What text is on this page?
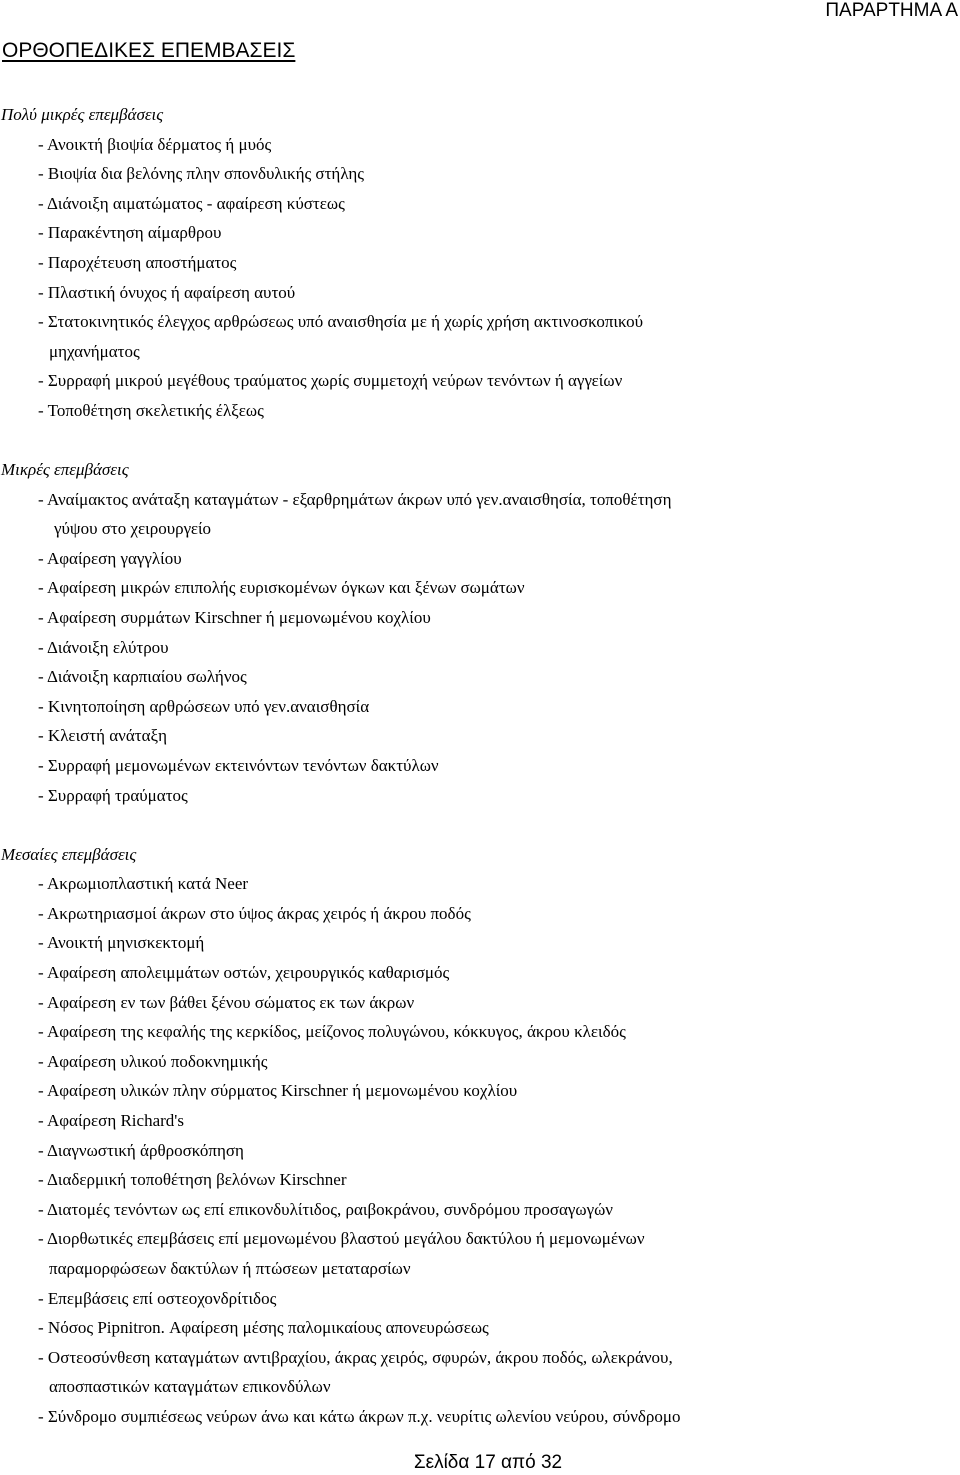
ΠΑΡΑΡΤΗΜΑ Α
ΟΡΘΟΠΕΔΙΚΕΣ ΕΠΕΜΒΑΣΕΙΣ
Πολύ μικρές επεμβάσεις
- Ανοικτή βιοψία δέρματος ή μυός
- Βιοψία δια βελόνης πλην σπονδυλικής στήλης
- Διάνοιξη αιματώματος - αφαίρεση κύστεως
- Παρακέντηση αίμαρθρου
- Παροχέτευση αποστήματος
- Πλαστική όνυχος ή αφαίρεση αυτού
- Στατοκινητικός έλεγχος αρθρώσεως υπό αναισθησία με ή χωρίς χρήση ακτινοσκοπικού
μηχανήματος
- Συρραφή μικρού μεγέθους τραύματος χωρίς συμμετοχή νεύρων τενόντων ή αγγείων
- Τοποθέτηση σκελετικής έλξεως
Μικρές επεμβάσεις
- Αναίμακτος ανάταξη καταγμάτων - εξαρθρημάτων άκρων υπό γεν.αναισθησία, τοποθέτηση
γύψου στο χειρουργείο
- Αφαίρεση γαγγλίου
- Αφαίρεση μικρών επιπολής ευρισκομένων όγκων και ξένων σωμάτων
- Αφαίρεση συρμάτων Kirschner ή μεμονωμένου κοχλίου
- Διάνοιξη ελύτρου
- Διάνοιξη καρπιαίου σωλήνος
- Κινητοποίηση αρθρώσεων υπό γεν.αναισθησία
- Κλειστή ανάταξη
- Συρραφή μεμονωμένων εκτεινόντων τενόντων δακτύλων
- Συρραφή τραύματος
Μεσαίες επεμβάσεις
- Ακρωμιοπλαστική κατά Neer
- Ακρωτηριασμοί άκρων στο ύψος άκρας χειρός ή άκρου ποδός
- Ανοικτή μηνισκεκτομή
- Αφαίρεση απολειμμάτων οστών, χειρουργικός καθαρισμός
- Αφαίρεση εν των βάθει ξένου σώματος εκ των άκρων
- Αφαίρεση της κεφαλής της κερκίδος, μείζονος πολυγώνου, κόκκυγος, άκρου κλειδός
- Αφαίρεση υλικού ποδοκνημικής
- Αφαίρεση υλικών πλην σύρματος Kirschner ή μεμονωμένου κοχλίου
- Αφαίρεση Richard's
- Διαγνωστική άρθροσκόπηση
- Διαδερμική τοποθέτηση βελόνων Kirschner
- Διατομές τενόντων ως επί επικονδυλίτιδος, ραιβοκράνου, συνδρόμου προσαγωγών
- Διορθωτικές επεμβάσεις επί μεμονωμένου βλαστού μεγάλου δακτύλου ή μεμονωμένων
παραμορφώσεων δακτύλων ή πτώσεων μεταταρσίων
- Επεμβάσεις επί οστεοχονδρίτιδος
- Νόσος Pipnitron. Αφαίρεση μέσης παλομικαίους απονευρώσεως
- Οστεοσύνθεση καταγμάτων αντιβραχίου, άκρας χειρός, σφυρών, άκρου ποδός, ωλεκράνου,
αποσπαστικών καταγμάτων επικονδύλων
- Σύνδρομο συμπιέσεως νεύρων άνω και κάτω άκρων π.χ. νευρίτις ωλενίου νεύρου, σύνδρομο
Σελίδα 17 από 32
